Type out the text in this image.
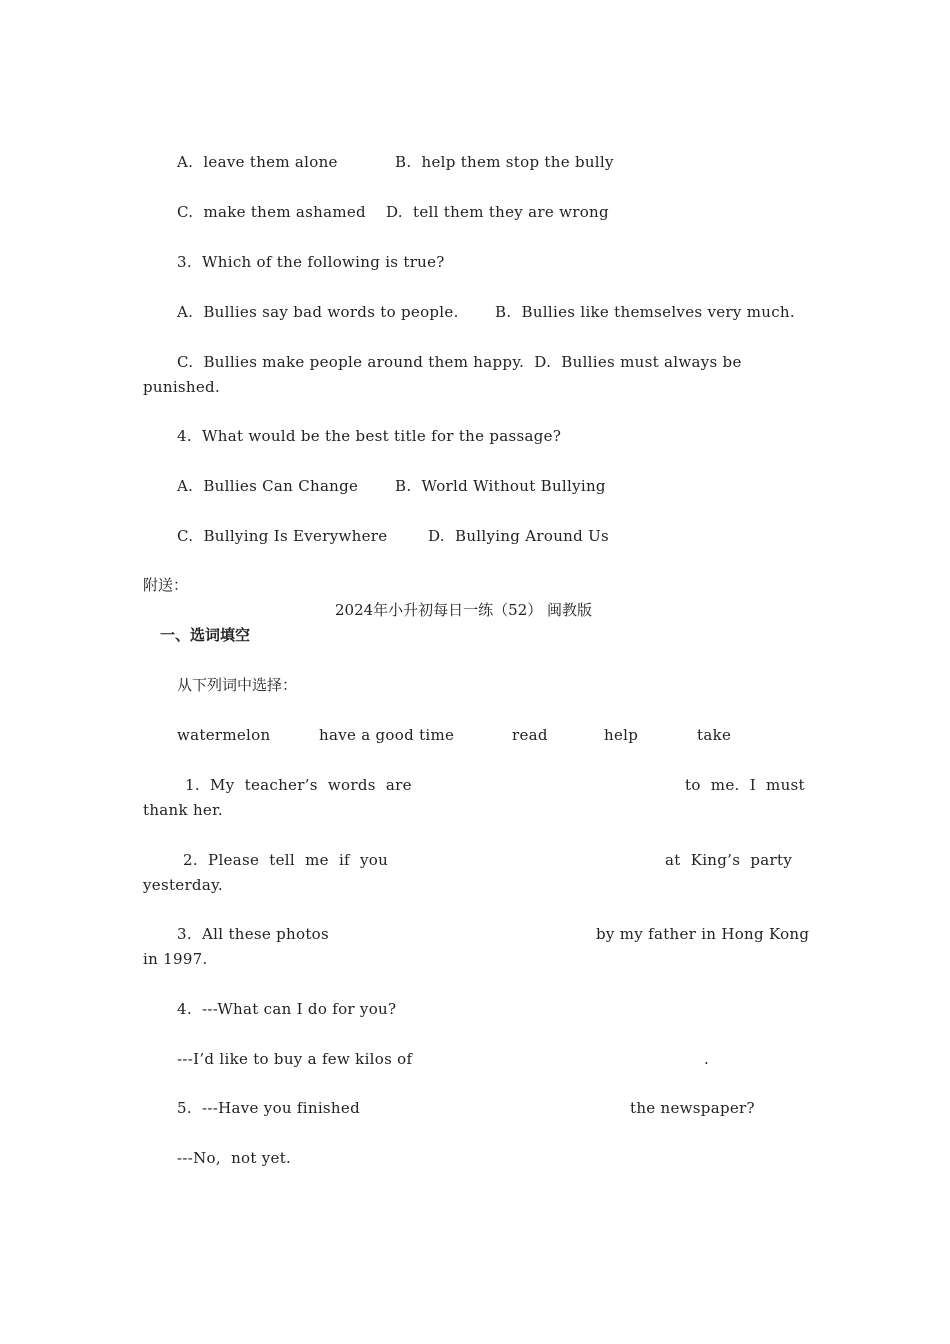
A.  leave them alone	B.  help them stop the bully
C.  make them ashamed D.  tell them they are wrong
3.  Which of the following is true?
A.  Bullies say bad words to people. B.  Bullies like themselves very much.
C.  Bullies make people around them happy.  D.  Bullies must always be
punished.
4.  What would be the best title for the passage?
A.  Bullies Can Change B.  World Without Bullying
C.  Bullying Is Everywhere	D.  Bullying Around Us
附送：
2024年小升初每日一练（52） 闽教版
一、选词填空
从下列词中选择：
watermelon	have a good time	read	help	take
1.  My  teacher’s  words  are	to  me.  I  must
thank her.
2.  Please  tell  me  if  you	at  King’s  party
yesterday.
3.  All these photos	by my father in Hong Kong
in 1997.
4.  ---What can I do for you?
---I’d like to buy a few kilos of	.
5.  ---Have you finished	the newspaper?
---No,  not yet.
